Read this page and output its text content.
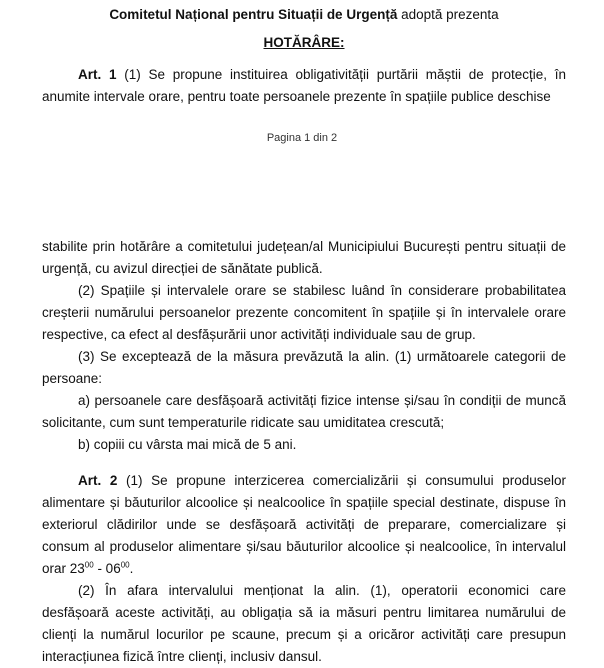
Comitetul Național pentru Situații de Urgență adoptă prezenta
HOTĂRÂRE:

Art. 1 (1) Se propune instituirea obligativității purtării măștii de protecție, în anumite intervale orare, pentru toate persoanele prezente în spațiile publice deschise

Pagina 1 din 2

stabilite prin hotărâre a comitetului județean/al Municipiului București pentru situații de urgență, cu avizul direcției de sănătate publică.

(2) Spațiile și intervalele orare se stabilesc luând în considerare probabilitatea creșterii numărului persoanelor prezente concomitent în spațiile și în intervalele orare respective, ca efect al desfășurării unor activități individuale sau de grup.

(3) Se exceptează de la măsura prevăzută la alin. (1) următoarele categorii de persoane:

a) persoanele care desfășoară activități fizice intense și/sau în condiții de muncă solicitante, cum sunt temperaturile ridicate sau umiditatea crescută;

b) copiii cu vârsta mai mică de 5 ani.

Art. 2 (1) Se propune interzicerea comercializării și consumului produselor alimentare și băuturilor alcoolice și nealcoolice în spațiile special destinate, dispuse în exteriorul clădirilor unde se desfășoară activități de preparare, comercializare și consum al produselor alimentare și/sau băuturilor alcoolice și nealcoolice, în intervalul orar $23^{00} - 06^{00}$.

(2) În afara intervalului menționat la alin. (1), operatorii economici care desfășoară aceste activități, au obligația să ia măsuri pentru limitarea numărului de clienți la numărul locurilor pe scaune, precum și a oricăror activități care presupun interacțiunea fizică între clienți, inclusiv dansul.
